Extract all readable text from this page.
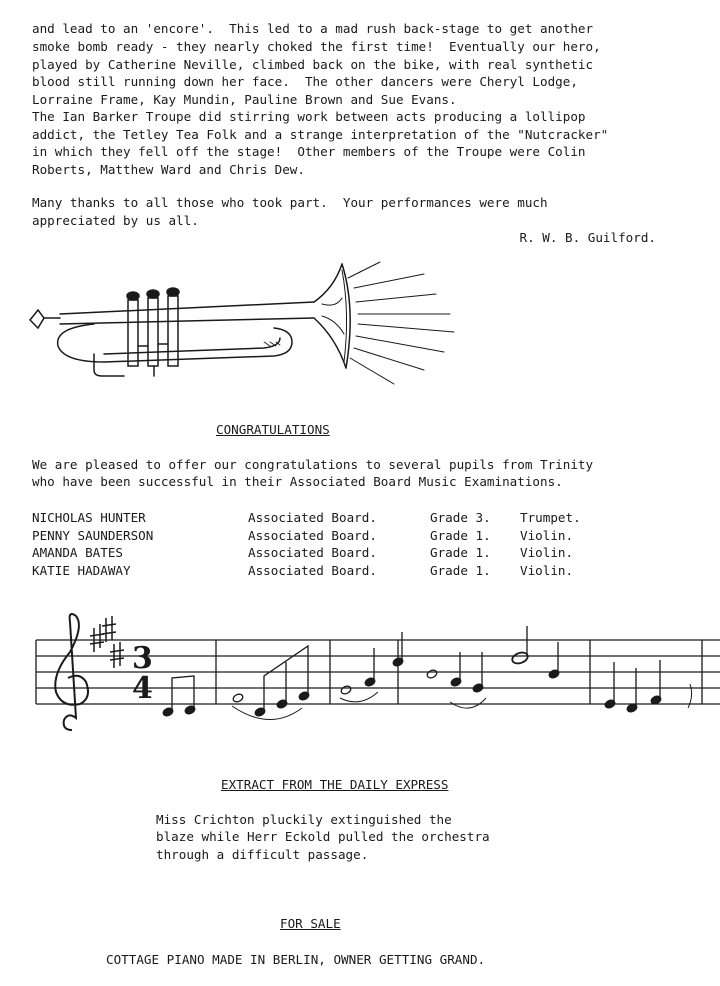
and lead to an 'encore'.  This led to a mad rush back-stage to get another
smoke bomb ready - they nearly choked the first time!  Eventually our hero,
played by Catherine Neville, climbed back on the bike, with real synthetic
blood still running down her face.  The other dancers were Cheryl Lodge,
Lorraine Frame, Kay Mundin, Pauline Brown and Sue Evans.
The Ian Barker Troupe did stirring work between acts producing a lollipop
addict, the Tetley Tea Folk and a strange interpretation of the "Nutcracker"
in which they fell off the stage!  Other members of the Troupe were Colin
Roberts, Matthew Ward and Chris Dew.
Many thanks to all those who took part.  Your performances were much
appreciated by us all.
R. W. B. Guilford.
CONGRATULATIONS
We are pleased to offer our congratulations to several pupils from Trinity
who have been successful in their Associated Board Music Examinations.
NICHOLAS HUNTER	Associated Board.	Grade 3.	Trumpet.
PENNY SAUNDERSON	Associated Board.	Grade 1.	Violin.
AMANDA BATES	Associated Board.	Grade 1.	Violin.
KATIE HADAWAY	Associated Board.	Grade 1.	Violin.
3
4
EXTRACT FROM THE DAILY EXPRESS
Miss Crichton pluckily extinguished the
blaze while Herr Eckold pulled the orchestra
through a difficult passage.
FOR SALE
COTTAGE PIANO MADE IN BERLIN, OWNER GETTING GRAND.
